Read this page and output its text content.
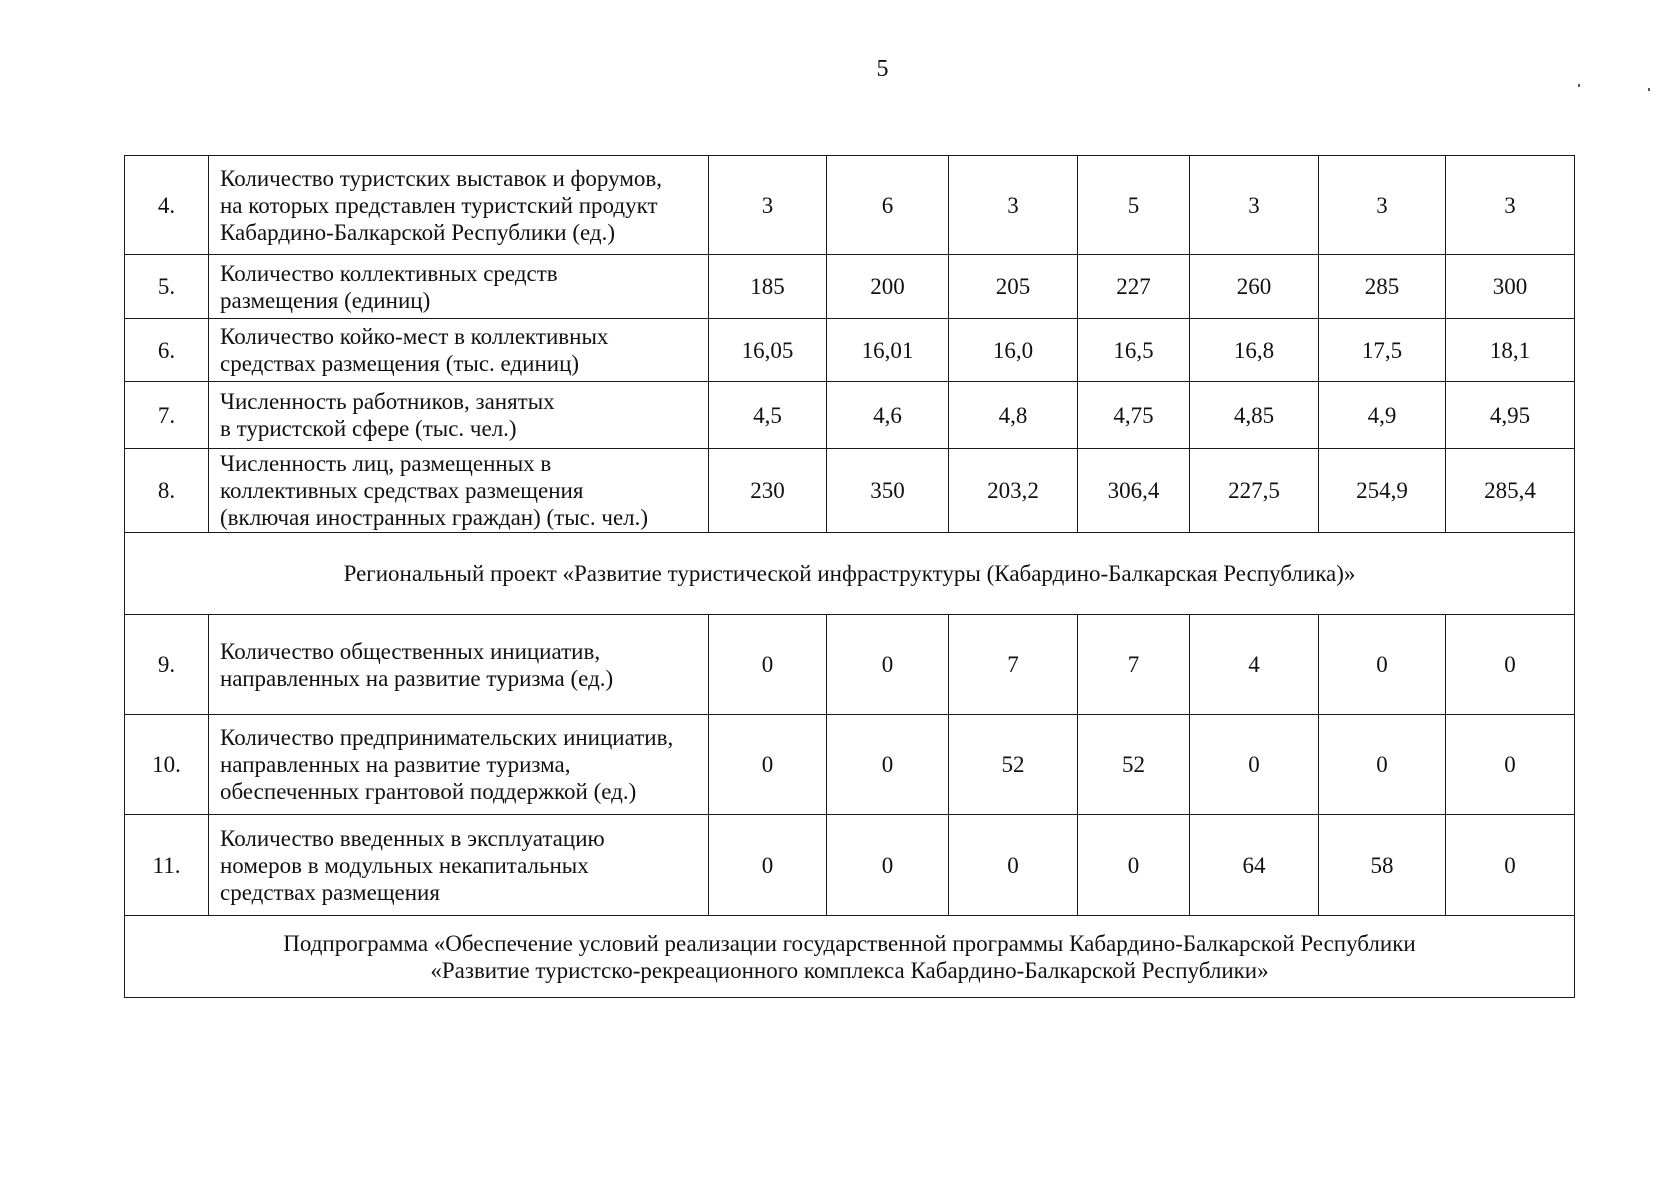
5
4.	Количество туристских выставок и форумов,
на которых представлен туристский продукт
Кабардино-Балкарской Республики (ед.)	3	6	3	5	3	3	3
5.	Количество коллективных средств
размещения (единиц)	185	200	205	227	260	285	300
6.	Количество койко-мест в коллективных
средствах размещения (тыс. единиц)	16,05	16,01	16,0	16,5	16,8	17,5	18,1
7.	Численность работников, занятых
в туристской сфере (тыс. чел.)	4,5	4,6	4,8	4,75	4,85	4,9	4,95
8.	Численность лиц, размещенных в
коллективных средствах размещения
(включая иностранных граждан) (тыс. чел.)	230	350	203,2	306,4	227,5	254,9	285,4

Региональный проект «Развитие туристической инфраструктуры (Кабардино-Балкарская Республика)»								

9.	Количество общественных инициатив,
направленных на развитие туризма (ед.)	0	0	7	7	4	0	0
10.	Количество предпринимательских инициатив,
направленных на развитие туризма,
обеспеченных грантовой поддержкой (ед.)	0	0	52	52	0	0	0
11.	Количество введенных в эксплуатацию
номеров в модульных некапитальных
средствах размещения	0	0	0	0	64	58	0

Подпрограмма «Обеспечение условий реализации государственной программы Кабардино-Балкарской Республики
«Развитие туристско-рекреационного комплекса Кабардино-Балкарской Республики»								
